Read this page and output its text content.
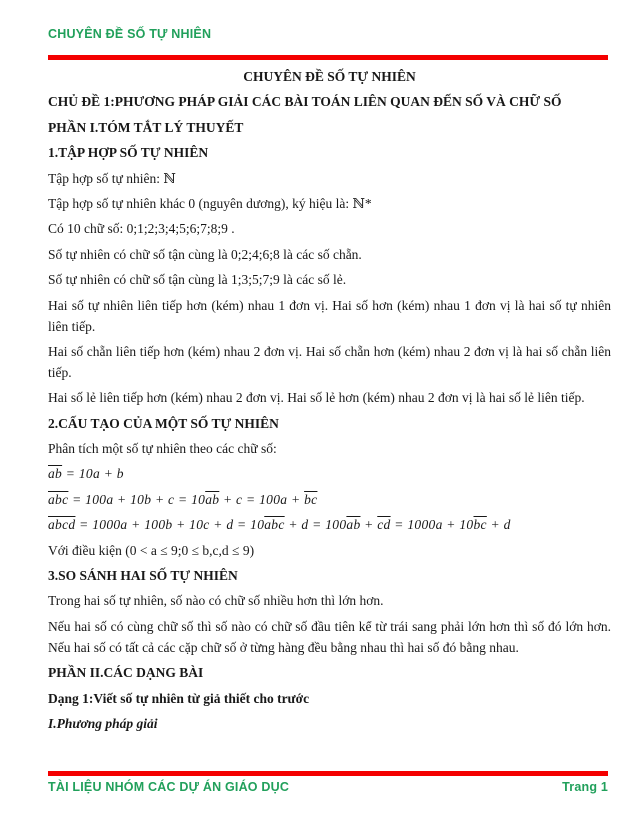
CHUYÊN ĐỀ SỐ TỰ NHIÊN

CHUYÊN ĐỀ SỐ TỰ NHIÊN

CHỦ ĐỀ 1:PHƯƠNG PHÁP GIẢI CÁC BÀI TOÁN LIÊN QUAN ĐẾN SỐ VÀ CHỮ SỐ

PHẦN I.TÓM TẮT LÝ THUYẾT

1.TẬP HỢP SỐ TỰ NHIÊN

Tập hợp số tự nhiên: ℕ

Tập hợp số tự nhiên khác 0 (nguyên dương), ký hiệu là: ℕ*

Có 10 chữ số: 0;1;2;3;4;5;6;7;8;9 .

Số tự nhiên có chữ số tận cùng là 0;2;4;6;8 là các số chẵn.

Số tự nhiên có chữ số tận cùng là 1;3;5;7;9 là các số lẻ.

Hai số tự nhiên liên tiếp hơn (kém) nhau 1 đơn vị. Hai số hơn (kém) nhau 1 đơn vị là hai số tự nhiên liên tiếp.

Hai số chẵn liên tiếp hơn (kém) nhau 2 đơn vị. Hai số chẵn hơn (kém) nhau 2 đơn vị là hai số chẵn liên tiếp.

Hai số lẻ liên tiếp hơn (kém) nhau 2 đơn vị. Hai số lẻ hơn (kém) nhau 2 đơn vị là hai số lẻ liên tiếp.

2.CẤU TẠO CỦA MỘT SỐ TỰ NHIÊN

Phân tích một số tự nhiên theo các chữ số:

$\overline{ab} = 10a + b$

$\overline{abc} = 100a + 10b + c = 10\overline{ab} + c = 100a + \overline{bc}$

abcd = $1000a + 100b + 10c + d = 10\overline{abc} + d = 100\overline{ab} + \overline{cd} = 1000a + 10\overline{bc} + d$

Với điều kiện (0 < a ≤ 9;0 ≤ b,c,d ≤ 9)

3.SO SÁNH HAI SỐ TỰ NHIÊN

Trong hai số tự nhiên, số nào có chữ số nhiều hơn thì lớn hơn.

Nếu hai số có cùng chữ số thì số nào có chữ số đầu tiên kể từ trái sang phải lớn hơn thì số đó lớn hơn. Nếu hai số có tất cả các cặp chữ số ở từng hàng đều bằng nhau thì hai số đó bằng nhau.

PHẦN II.CÁC DẠNG BÀI

Dạng 1:Viết số tự nhiên từ giả thiết cho trước

I.Phương pháp giải

TÀI LIỆU NHÓM CÁC DỰ ÁN GIÁO DỤC	Trang 1
